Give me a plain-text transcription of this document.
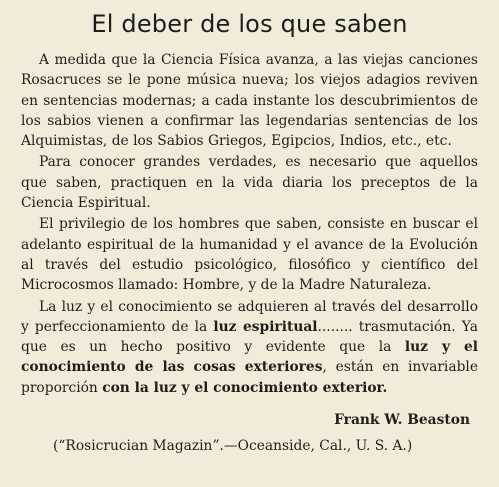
El deber de los que saben

A medida que la Ciencia Física avanza, a las viejas canciones Rosacruces se le pone música nueva; los viejos adagios reviven en sentencias modernas; a cada instante los descubrimientos de los sabios vienen a confirmar las legendarias sentencias de los Alquimistas, de los Sabios Griegos, Egipcios, Indios, etc., etc.

Para conocer grandes verdades, es necesario que aquellos que saben, practiquen en la vida diaria los preceptos de la Ciencia Espiritual.

El privilegio de los hombres que saben, consiste en buscar el adelanto espiritual de la humanidad y el avance de la Evolución al través del estudio psicológico, filosófico y científico del Microcosmos llamado: Hombre, y de la Madre Naturaleza.

La luz y el conocimiento se adquieren al través del desarrollo y perfeccionamiento de la luz espiritual........ trasmutación. Ya que es un hecho positivo y evidente que la luz y el conocimiento de las cosas exteriores, están en invariable proporción con la luz y el conocimiento exterior.

Frank W. Beaston
(“Rosicrucian Magazin”.—Oceanside, Cal., U. S. A.)
